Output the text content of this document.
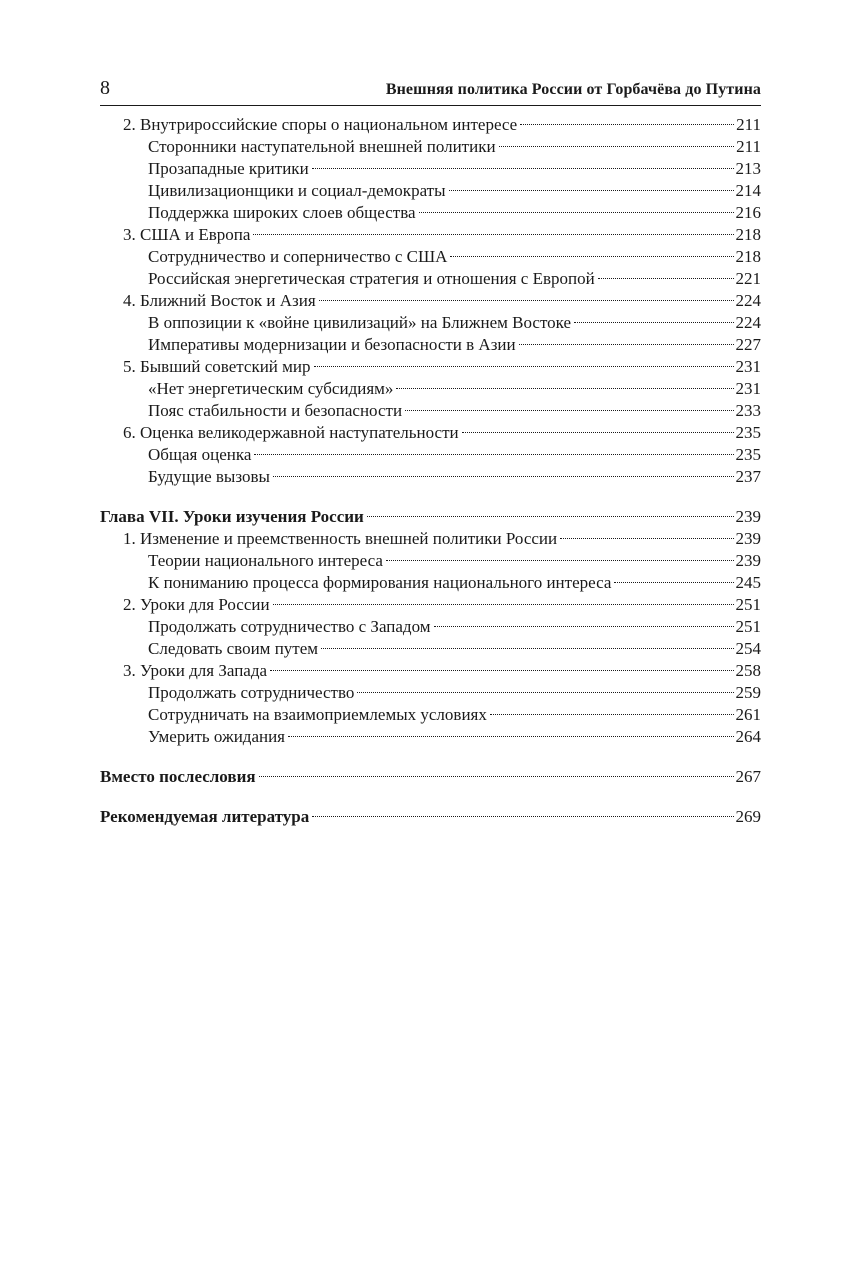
8	Внешняя политика России от Горбачёва до Путина
2. Внутрироссийские споры о национальном интересе	211
Сторонники наступательной внешней политики	211
Прозападные критики	213
Цивилизационщики и социал-демократы	214
Поддержка широких слоев общества	216
3. США и Европа	218
Сотрудничество и соперничество с США	218
Российская энергетическая стратегия и отношения с Европой	221
4. Ближний Восток и Азия	224
В оппозиции к «войне цивилизаций» на Ближнем Востоке	224
Императивы модернизации и безопасности в Азии	227
5. Бывший советский мир	231
«Нет энергетическим субсидиям»	231
Пояс стабильности и безопасности	233
6. Оценка великодержавной наступательности	235
Общая оценка	235
Будущие вызовы	237
Глава VII. Уроки изучения России	239
1. Изменение и преемственность внешней политики России	239
Теории национального интереса	239
К пониманию процесса формирования национального интереса	245
2. Уроки для России	251
Продолжать сотрудничество с Западом	251
Следовать своим путем	254
3. Уроки для Запада	258
Продолжать сотрудничество	259
Сотрудничать на взаимоприемлемых условиях	261
Умерить ожидания	264
Вместо послесловия	267
Рекомендуемая литература	269
